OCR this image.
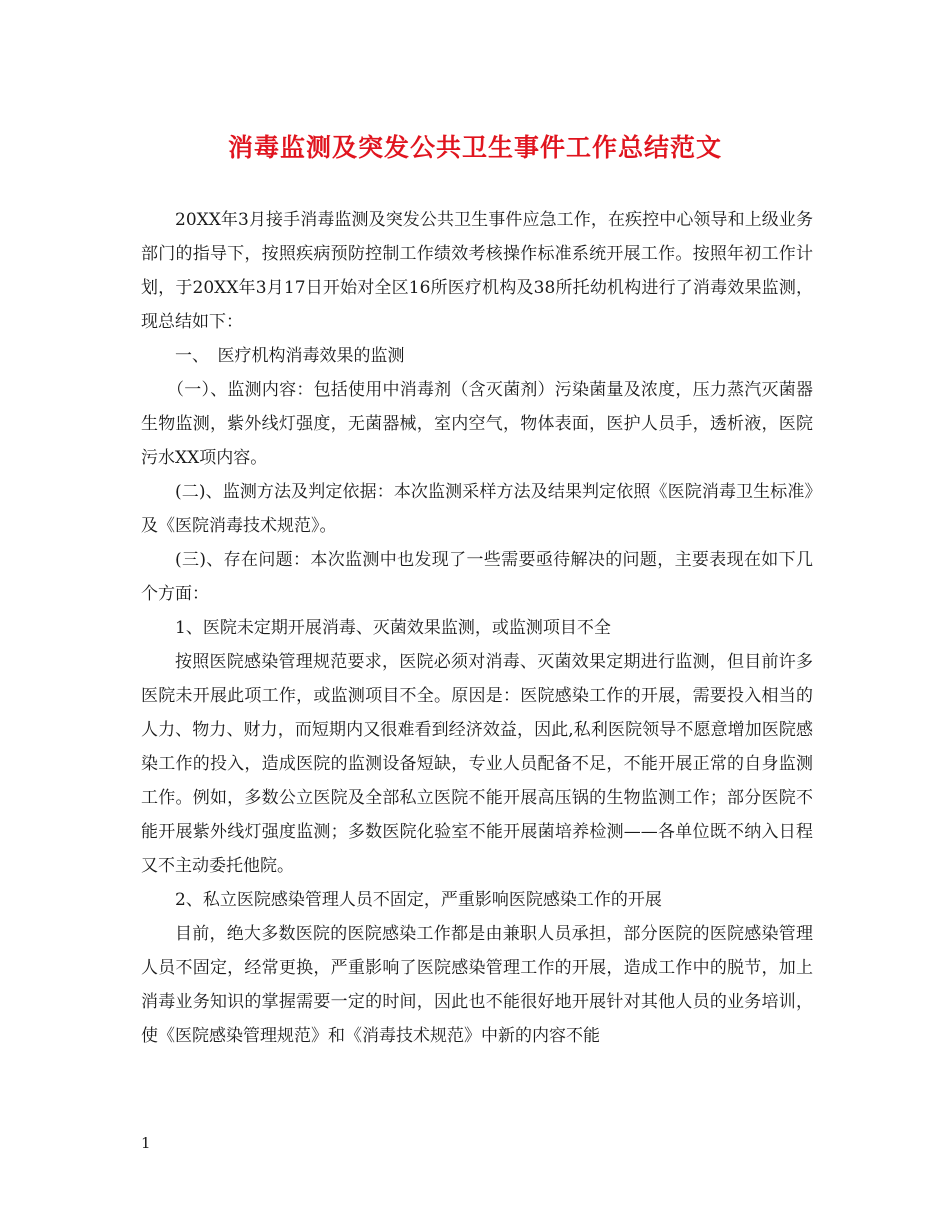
消毒监测及突发公共卫生事件工作总结范文

20XX年3月接手消毒监测及突发公共卫生事件应急工作，在疾控中心领导和上级业务部门的指导下，按照疾病预防控制工作绩效考核操作标准系统开展工作。按照年初工作计划，于20XX年3月17日开始对全区16所医疗机构及38所托幼机构进行了消毒效果监测，现总结如下：

一、　医疗机构消毒效果的监测

（一）、监测内容：包括使用中消毒剂（含灭菌剂）污染菌量及浓度，压力蒸汽灭菌器生物监测，紫外线灯强度，无菌器械，室内空气，物体表面，医护人员手，透析液，医院污水XX项内容。

(二)、监测方法及判定依据：本次监测采样方法及结果判定依照《医院消毒卫生标准》及《医院消毒技术规范》。

(三)、存在问题：本次监测中也发现了一些需要亟待解决的问题，主要表现在如下几个方面：

1、医院未定期开展消毒、灭菌效果监测，或监测项目不全

按照医院感染管理规范要求，医院必须对消毒、灭菌效果定期进行监测，但目前许多医院未开展此项工作，或监测项目不全。原因是：医院感染工作的开展，需要投入相当的人力、物力、财力，而短期内又很难看到经济效益，因此,私利医院领导不愿意增加医院感染工作的投入，造成医院的监测设备短缺，专业人员配备不足，不能开展正常的自身监测工作。例如，多数公立医院及全部私立医院不能开展高压锅的生物监测工作；部分医院不能开展紫外线灯强度监测；多数医院化验室不能开展菌培养检测——各单位既不纳入日程又不主动委托他院。

2、私立医院感染管理人员不固定，严重影响医院感染工作的开展

目前，绝大多数医院的医院感染工作都是由兼职人员承担，部分医院的医院感染管理人员不固定，经常更换，严重影响了医院感染管理工作的开展，造成工作中的脱节，加上消毒业务知识的掌握需要一定的时间，因此也不能很好地开展针对其他人员的业务培训，使《医院感染管理规范》和《消毒技术规范》中新的内容不能

1
